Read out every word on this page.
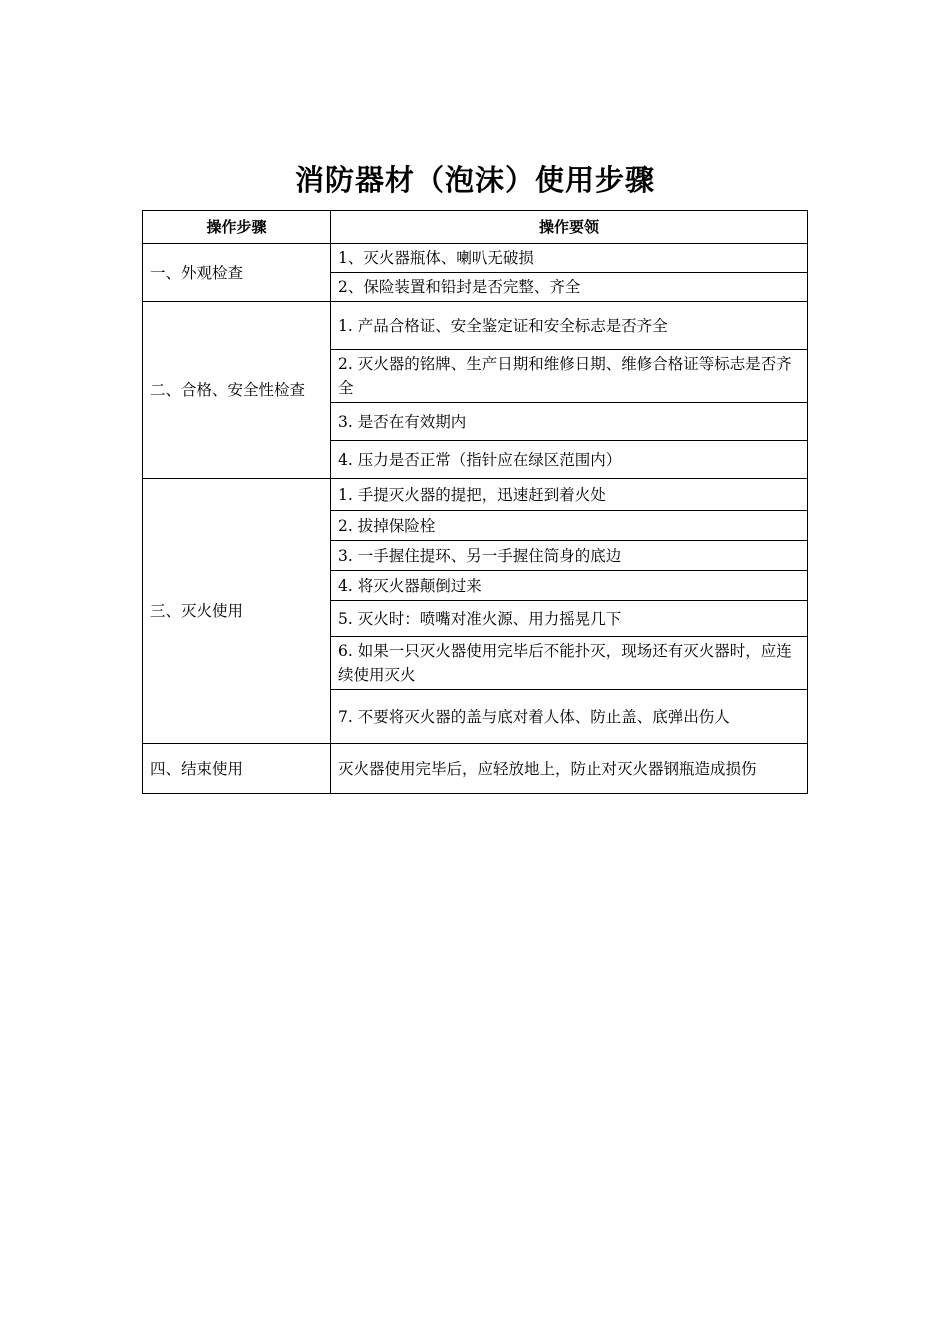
消防器材（泡沫）使用步骤
操作步骤	操作要领
一、外观检查	1、灭火器瓶体、喇叭无破损
	2、保险装置和铅封是否完整、齐全
二、合格、安全性检查	1. 产品合格证、安全鉴定证和安全标志是否齐全
	2. 灭火器的铭牌、生产日期和维修日期、维修合格证等标志是否齐全
	3. 是否在有效期内
	4. 压力是否正常（指针应在绿区范围内）
三、灭火使用	1. 手提灭火器的提把，迅速赶到着火处
	2. 拔掉保险栓
	3. 一手握住提环、另一手握住筒身的底边
	4. 将灭火器颠倒过来
	5. 灭火时：喷嘴对准火源、用力摇晃几下
	6. 如果一只灭火器使用完毕后不能扑灭，现场还有灭火器时，应连续使用灭火
	7. 不要将灭火器的盖与底对着人体、防止盖、底弹出伤人
四、结束使用	灭火器使用完毕后，应轻放地上，防止对灭火器钢瓶造成损伤
